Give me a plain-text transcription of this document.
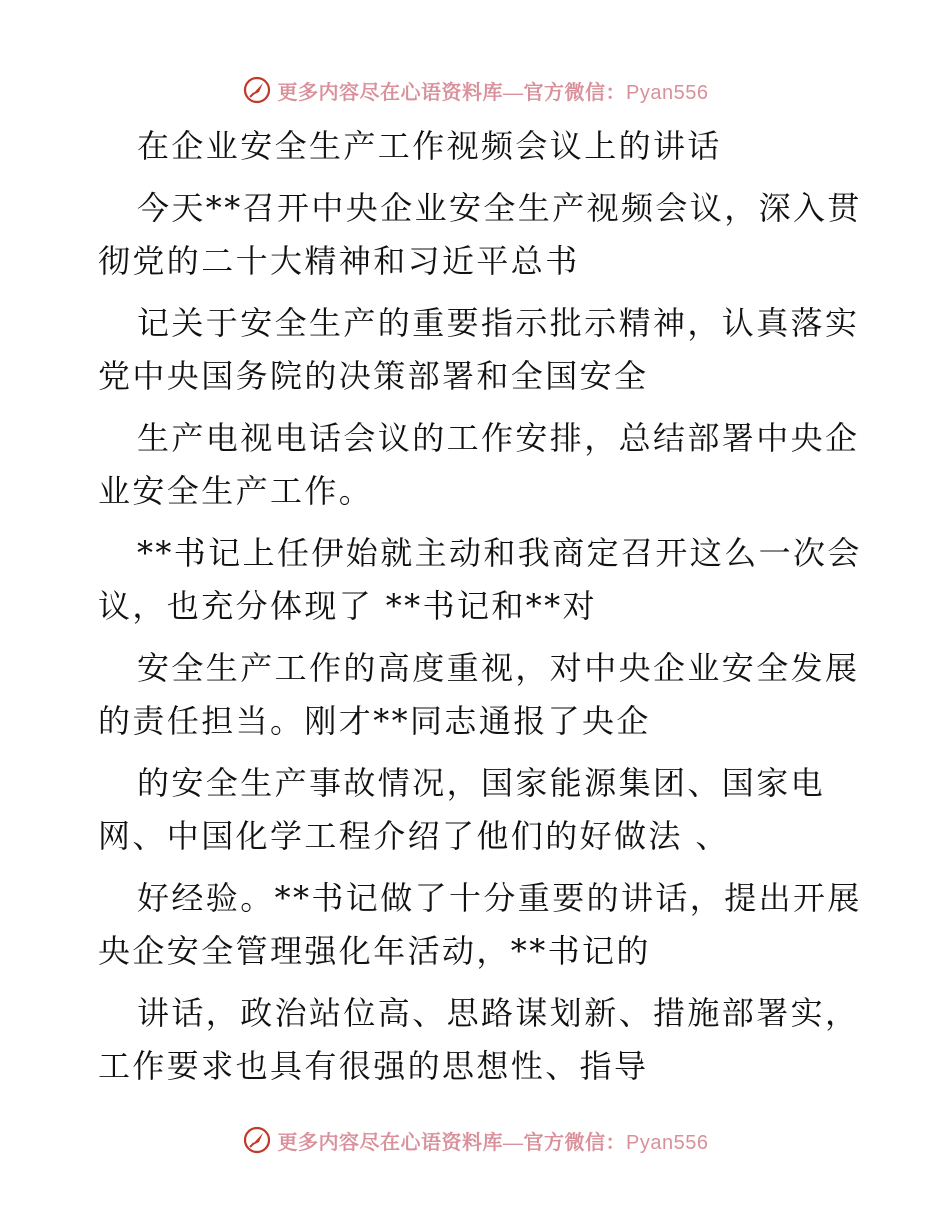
更多内容尽在心语资料库—官方微信：Pyan556
在企业安全生产工作视频会议上的讲话
今天**召开中央企业安全生产视频会议，深入贯
彻党的二十大精神和习近平总书
记关于安全生产的重要指示批示精神，认真落实
党中央国务院的决策部署和全国安全
生产电视电话会议的工作安排，总结部署中央企
业安全生产工作。
**书记上任伊始就主动和我商定召开这么一次会
议，也充分体现了 **书记和**对
安全生产工作的高度重视，对中央企业安全发展
的责任担当。刚才**同志通报了央企
的安全生产事故情况，国家能源集团、国家电
网、中国化学工程介绍了他们的好做法 、
好经验。**书记做了十分重要的讲话，提出开展
央企安全管理强化年活动，**书记的
讲话，政治站位高、思路谋划新、措施部署实，
工作要求也具有很强的思想性、指导
更多内容尽在心语资料库—官方微信：Pyan556
